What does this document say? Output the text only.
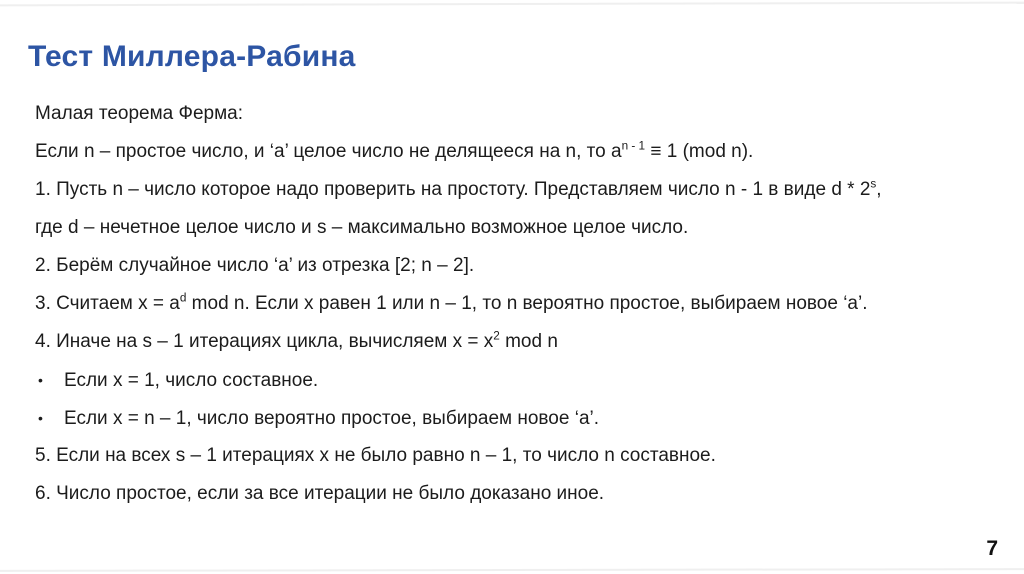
Тест Миллера-Рабина
Малая теорема Ферма:
Если n – простое число, и ‘a’ целое число не делящееся на n, то $a^{n - 1} \equiv 1$ (mod n).
1. Пусть n – число которое надо проверить на простоту. Представляем число n - 1 в виде d * 2$^s$,
где d – нечетное целое число и s – максимально возможное целое число.
2. Берём случайное число ‘a’ из отрезка [2; n – 2].
3. Считаем $x = a^d$ mod n. Если x равен 1 или n – 1, то n вероятно простое, выбираем новое ‘a’.
4. Иначе на s – 1 итерациях цикла, вычисляем $x = x^2$ mod n
• Если x = 1, число составное.
• Если x = n – 1, число вероятно простое, выбираем новое ‘a’.
5. Если на всех s – 1 итерациях x не было равно n – 1, то число n составное.
6. Число простое, если за все итерации не было доказано иное.
7
